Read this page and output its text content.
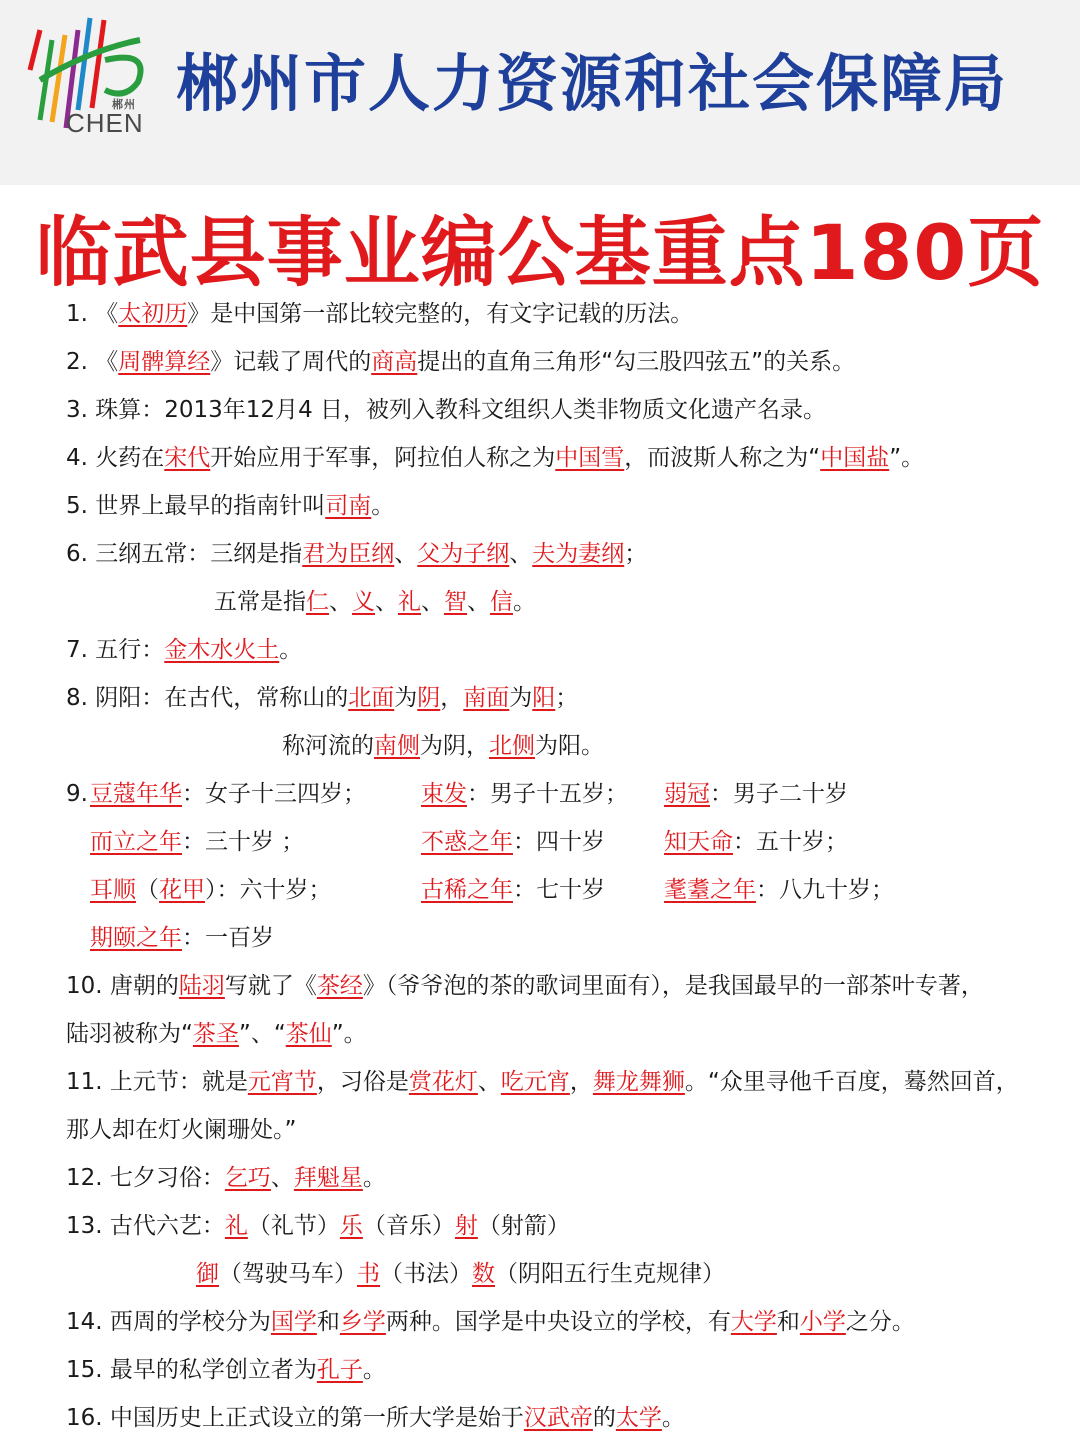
郴州
CHEN
郴州市人力资源和社会保障局
临武县事业编公基重点180页
1. 《太初历》是中国第一部比较完整的，有文字记载的历法。
2. 《周髀算经》记载了周代的商高提出的直角三角形“勾三股四弦五”的关系。
3. 珠算：2013年12月4 日，被列入教科文组织人类非物质文化遗产名录。
4. 火药在宋代开始应用于军事，阿拉伯人称之为中国雪，而波斯人称之为“中国盐”。
5. 世界上最早的指南针叫司南。
6. 三纲五常：三纲是指君为臣纲、父为子纲、夫为妻纲；
五常是指仁、义、礼、智、信。
7. 五行：金木水火土。
8. 阴阳：在古代，常称山的北面为阴，南面为阳；
称河流的南侧为阴，北侧为阳。
9. 豆蔻年华：女子十三四岁； 束发：男子十五岁； 弱冠：男子二十岁
而立之年：三十岁 ；	不惑之年：四十岁	知天命：五十岁；
耳顺（花甲）：六十岁；	古稀之年：七十岁	耄耋之年：八九十岁；
期颐之年：一百岁
10. 唐朝的陆羽写就了《茶经》（爷爷泡的茶的歌词里面有），是我国最早的一部茶叶专著，
陆羽被称为“茶圣”、“茶仙”。
11. 上元节：就是元宵节，习俗是赏花灯、吃元宵，舞龙舞狮。“众里寻他千百度，蓦然回首，
那人却在灯火阑珊处。”
12. 七夕习俗：乞巧、拜魁星。
13. 古代六艺：礼（礼节）乐（音乐）射（射箭）
御（驾驶马车）书（书法）数（阴阳五行生克规律）
14. 西周的学校分为国学和乡学两种。国学是中央设立的学校，有大学和小学之分。
15. 最早的私学创立者为孔子。
16. 中国历史上正式设立的第一所大学是始于汉武帝的太学。
